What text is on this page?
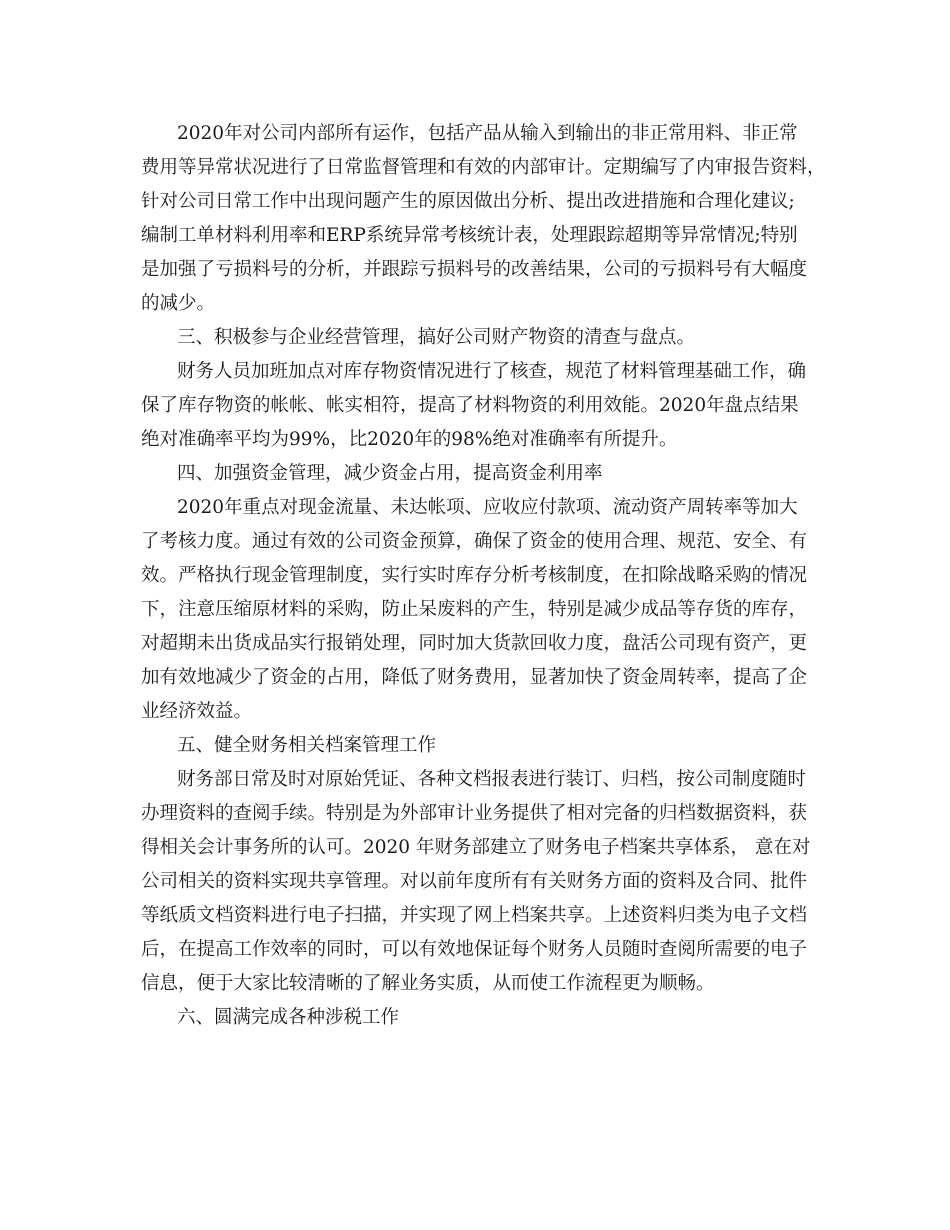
2020年对公司内部所有运作，包括产品从输入到输出的非正常用料、非正常
费用等异常状况进行了日常监督管理和有效的内部审计。定期编写了内审报告资料，
针对公司日常工作中出现问题产生的原因做出分析、提出改进措施和合理化建议;
编制工单材料利用率和ERP系统异常考核统计表，处理跟踪超期等异常情况;特别
是加强了亏损料号的分析，并跟踪亏损料号的改善结果，公司的亏损料号有大幅度
的减少。
三、积极参与企业经营管理，搞好公司财产物资的清查与盘点。
财务人员加班加点对库存物资情况进行了核查，规范了材料管理基础工作，确
保了库存物资的帐帐、帐实相符，提高了材料物资的利用效能。2020年盘点结果
绝对准确率平均为99%，比2020年的98%绝对准确率有所提升。
四、加强资金管理，减少资金占用，提高资金利用率
2020年重点对现金流量、未达帐项、应收应付款项、流动资产周转率等加大
了考核力度。通过有效的公司资金预算，确保了资金的使用合理、规范、安全、有
效。严格执行现金管理制度，实行实时库存分析考核制度，在扣除战略采购的情况
下，注意压缩原材料的采购，防止呆废料的产生，特别是减少成品等存货的库存，
对超期未出货成品实行报销处理，同时加大货款回收力度，盘活公司现有资产，更
加有效地减少了资金的占用，降低了财务费用，显著加快了资金周转率，提高了企
业经济效益。
五、健全财务相关档案管理工作
财务部日常及时对原始凭证、各种文档报表进行装订、归档，按公司制度随时
办理资料的查阅手续。特别是为外部审计业务提供了相对完备的归档数据资料，获
得相关会计事务所的认可。2020 年财务部建立了财务电子档案共享体系， 意在对
公司相关的资料实现共享管理。对以前年度所有有关财务方面的资料及合同、批件
等纸质文档资料进行电子扫描，并实现了网上档案共享。上述资料归类为电子文档
后，在提高工作效率的同时，可以有效地保证每个财务人员随时查阅所需要的电子
信息，便于大家比较清晰的了解业务实质，从而使工作流程更为顺畅。
六、圆满完成各种涉税工作
